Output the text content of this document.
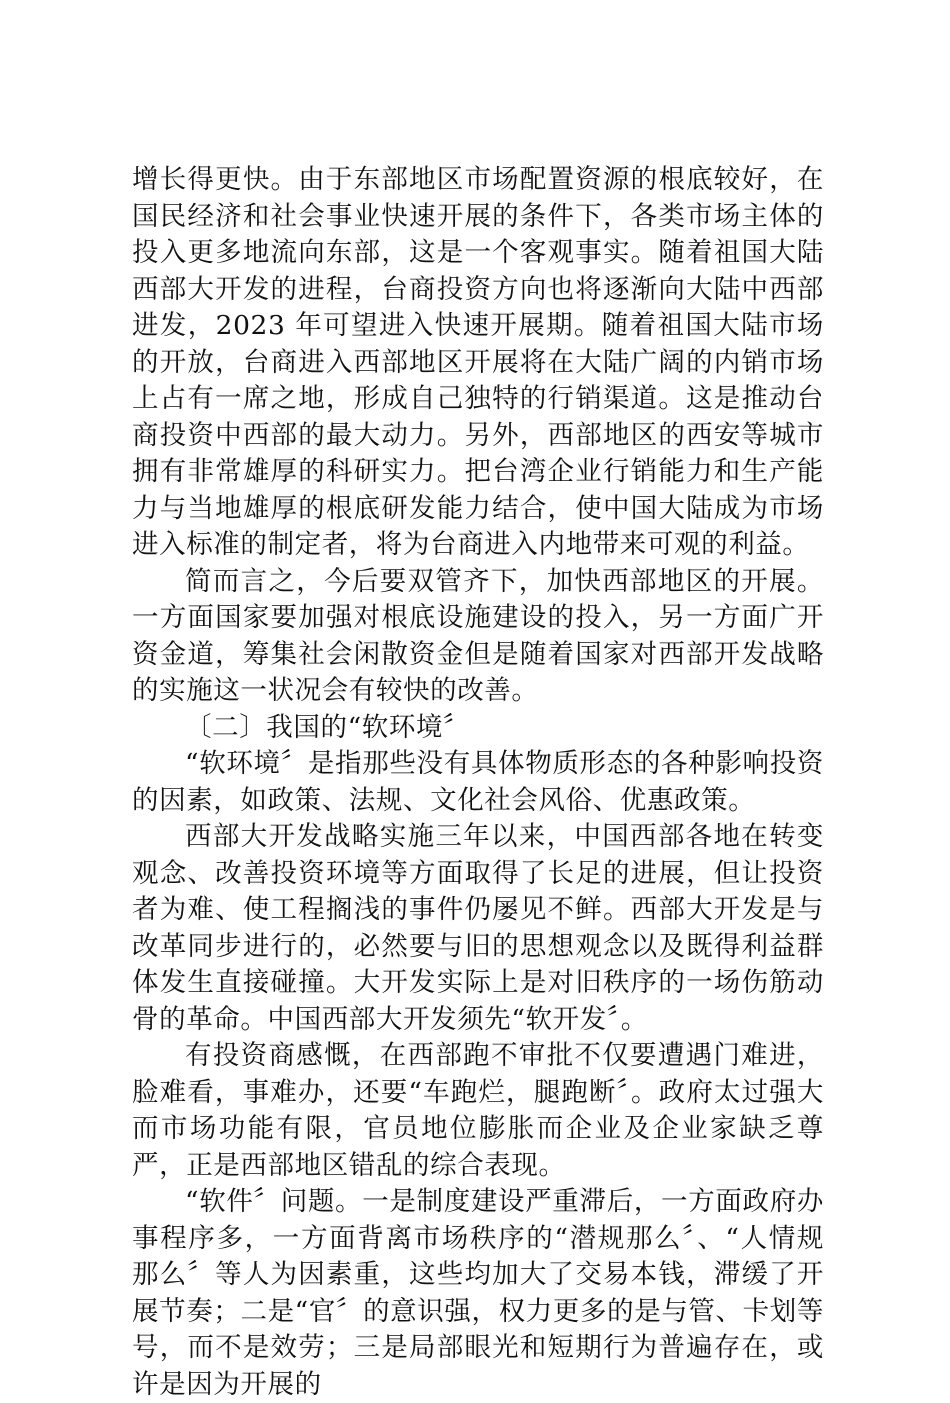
增长得更快。由于东部地区市场配置资源的根底较好，在国民经济和社会事业快速开展的条件下，各类市场主体的投入更多地流向东部，这是一个客观事实。随着祖国大陆西部大开发的进程，台商投资方向也将逐渐向大陆中西部进发，2023 年可望进入快速开展期。随着祖国大陆市场的开放，台商进入西部地区开展将在大陆广阔的内销市场上占有一席之地，形成自己独特的行销渠道。这是推动台商投资中西部的最大动力。另外，西部地区的西安等城市拥有非常雄厚的科研实力。把台湾企业行销能力和生产能力与当地雄厚的根底研发能力结合，使中国大陆成为市场进入标准的制定者，将为台商进入内地带来可观的利益。

简而言之，今后要双管齐下，加快西部地区的开展。一方面国家要加强对根底设施建设的投入，另一方面广开资金道，筹集社会闲散资金但是随着国家对西部开发战略的实施这一状况会有较快的改善。

〔二〕我国的“软环境〞

“软环境〞是指那些没有具体物质形态的各种影响投资的因素，如政策、法规、文化社会风俗、优惠政策。

西部大开发战略实施三年以来，中国西部各地在转变观念、改善投资环境等方面取得了长足的进展，但让投资者为难、使工程搁浅的事件仍屡见不鲜。西部大开发是与改革同步进行的，必然要与旧的思想观念以及既得利益群体发生直接碰撞。大开发实际上是对旧秩序的一场伤筋动骨的革命。中国西部大开发须先“软开发〞。

有投资商感慨，在西部跑不审批不仅要遭遇门难进，脸难看，事难办，还要“车跑烂，腿跑断〞。政府太过强大而市场功能有限，官员地位膨胀而企业及企业家缺乏尊严，正是西部地区错乱的综合表现。

“软件〞问题。一是制度建设严重滞后，一方面政府办事程序多，一方面背离市场秩序的“潜规那么〞、“人情规那么〞等人为因素重，这些均加大了交易本钱，滞缓了开展节奏；二是“官〞的意识强，权力更多的是与管、卡划等号，而不是效劳；三是局部眼光和短期行为普遍存在，或许是因为开展的
